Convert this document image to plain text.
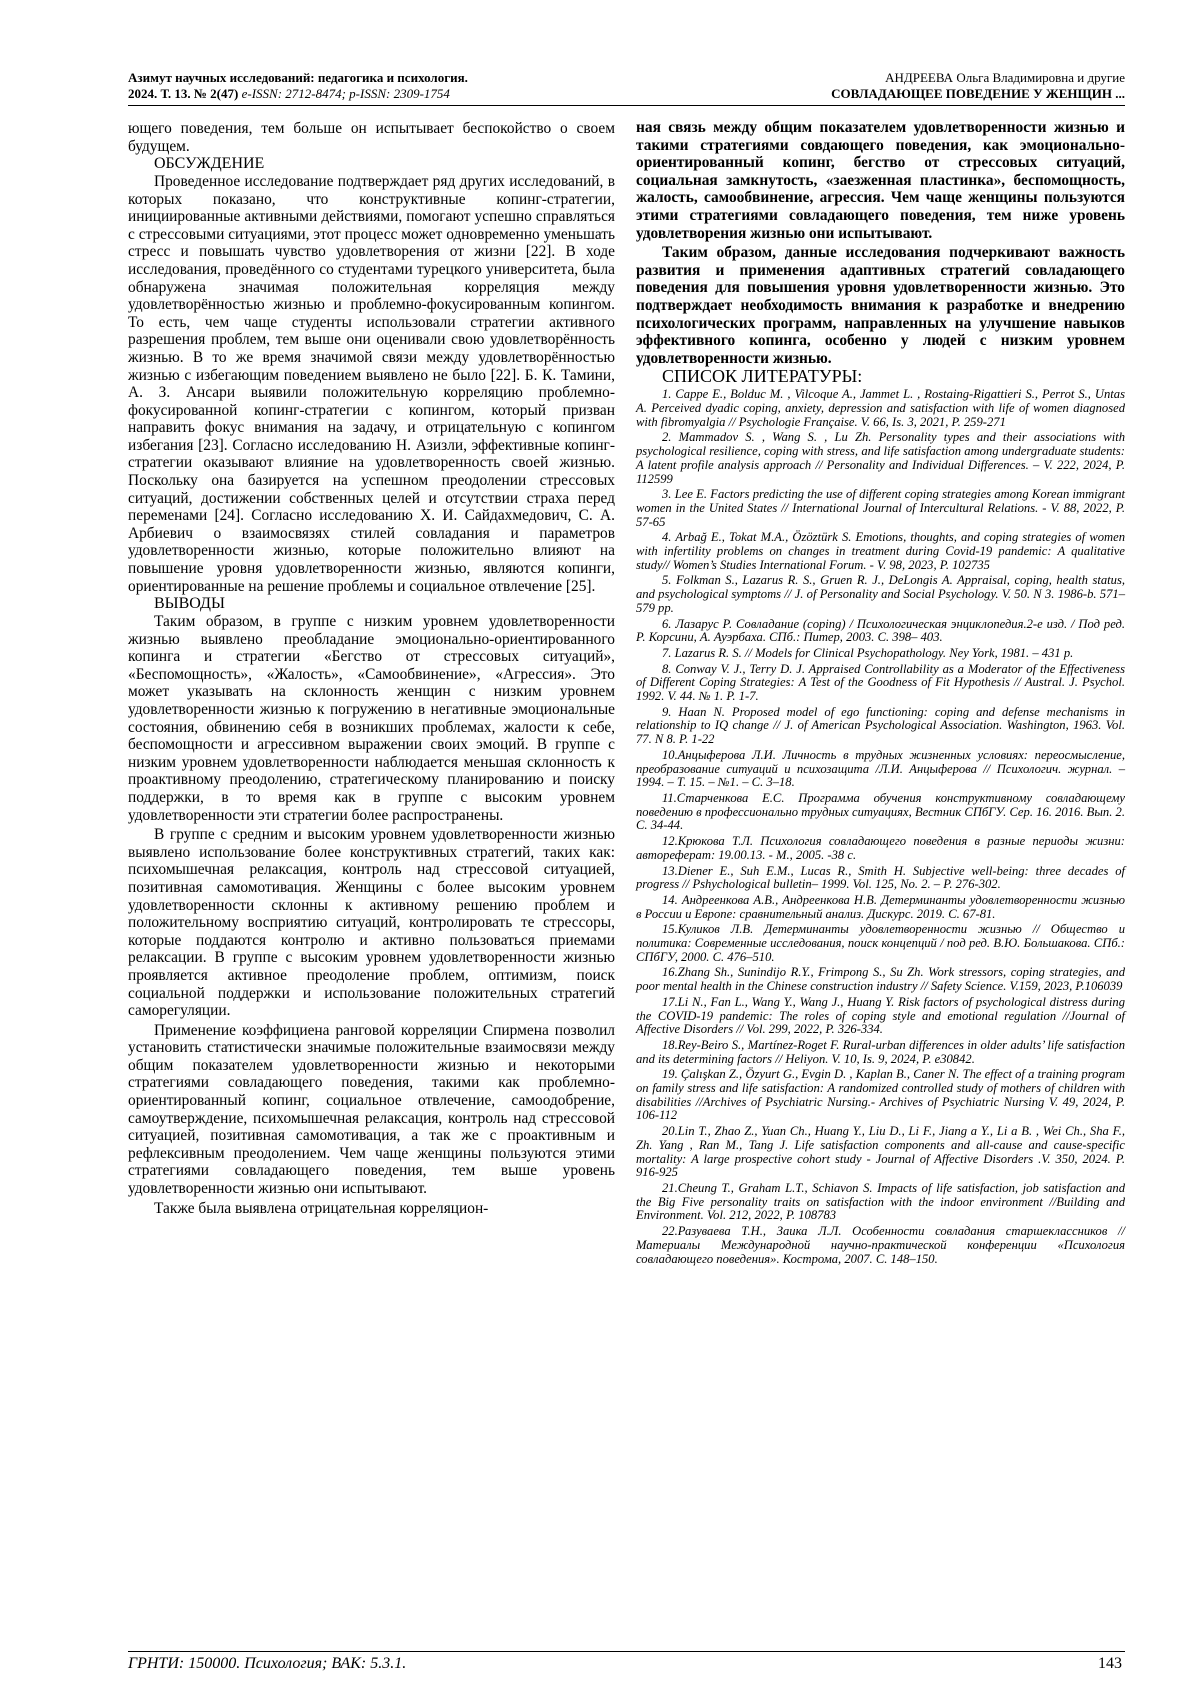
Азимут научных исследований: педагогика и психология.
2024. Т. 13. № 2(47) e-ISSN: 2712-8474; p-ISSN: 2309-1754
АНДРЕЕВА Ольга Владимировна и другие
СОВЛАДАЮЩЕЕ ПОВЕДЕНИЕ У ЖЕНЩИН ...

ющего поведения, тем больше он испытывает беспокойство о своем будущем.

ОБСУЖДЕНИЕ

Проведенное исследование подтверждает ряд других исследований, в которых показано, что конструктивные копинг-стратегии, инициированные активными действиями, помогают успешно справляться с стрессовыми ситуациями, этот процесс может одновременно уменьшать стресс и повышать чувство удовлетворения от жизни [22]. В ходе исследования, проведённого со студентами турецкого университета, была обнаружена значимая положительная корреляция между удовлетворённостью жизнью и проблемно-фокусированным копингом. То есть, чем чаще студенты использовали стратегии активного разрешения проблем, тем выше они оценивали свою удовлетворённость жизнью. В то же время значимой связи между удовлетворённостью жизнью с избегающим поведением выявлено не было [22]. Б. К. Тамини, А. З. Ансари выявили положительную корреляцию проблемно-фокусированной копинг-стратегии с копингом, который призван направить фокус внимания на задачу, и отрицательную с копингом избегания [23]. Согласно исследованию Н. Азизли, эффективные копинг-стратегии оказывают влияние на удовлетворенность своей жизнью. Поскольку она базируется на успешном преодолении стрессовых ситуаций, достижении собственных целей и отсутствии страха перед переменами [24]. Согласно исследованию Х. И. Сайдахмедович, С. А. Арбиевич о взаимосвязях стилей совладания и параметров удовлетворенности жизнью, которые положительно влияют на повышение уровня удовлетворенности жизнью, являются копинги, ориентированные на решение проблемы и социальное отвлечение [25].

ВЫВОДЫ

Таким образом, в группе с низким уровнем удовлетворенности жизнью выявлено преобладание эмоционально-ориентированного копинга и стратегии «Бегство от стрессовых ситуаций», «Беспомощность», «Жалость», «Самообвинение», «Агрессия». Это может указывать на склонность женщин с низким уровнем удовлетворенности жизнью к погружению в негативные эмоциональные состояния, обвинению себя в возникших проблемах, жалости к себе, беспомощности и агрессивном выражении своих эмоций. В группе с низким уровнем удовлетворенности наблюдается меньшая склонность к проактивному преодолению, стратегическому планированию и поиску поддержки, в то время как в группе с высоким уровнем удовлетворенности эти стратегии более распространены.

В группе с средним и высоким уровнем удовлетворенности жизнью выявлено использование более конструктивных стратегий, таких как: психомышечная релаксация, контроль над стрессовой ситуацией, позитивная самомотивация. Женщины с более высоким уровнем удовлетворенности склонны к активному решению проблем и положительному восприятию ситуаций, контролировать те стрессоры, которые поддаются контролю и активно пользоваться приемами релаксации. В группе с высоким уровнем удовлетворенности жизнью проявляется активное преодоление проблем, оптимизм, поиск социальной поддержки и использование положительных стратегий саморегуляции.

Применение коэффициена ранговой корреляции Спирмена позволил установить статистически значимые положительные взаимосвязи между общим показателем удовлетворенности жизнью и некоторыми стратегиями совладающего поведения, такими как проблемно-ориентированный копинг, социальное отвлечение, самоодобрение, самоутверждение, психомышечная релаксация, контроль над стрессовой ситуацией, позитивная самомотивация, а так же с проактивным и рефлексивным преодолением. Чем чаще женщины пользуются этими стратегиями совладающего поведения, тем выше уровень удовлетворенности жизнью они испытывают.

Также была выявлена отрицательная корреляцион-

ная связь между общим показателем удовлетворенности жизнью и такими стратегиями совдающего поведения, как эмоционально-ориентированный копинг, бегство от стрессовых ситуаций, социальная замкнутость, «заезженная пластинка», беспомощность, жалость, самообвинение, агрессия. Чем чаще женщины пользуются этими стратегиями совладающего поведения, тем ниже уровень удовлетворения жизнью они испытывают.

Таким образом, данные исследования подчеркивают важность развития и применения адаптивных стратегий совладающего поведения для повышения уровня удовлетворенности жизнью. Это подтверждает необходимость внимания к разработке и внедрению психологических программ, направленных на улучшение навыков эффективного копинга, особенно у людей с низким уровнем удовлетворенности жизнью.

СПИСОК ЛИТЕРАТУРЫ:
1. Cappe E., Bolduc M. , Vilcoque A., Jammet L. , Rostaing-Rigattieri S., Perrot S., Untas A. Perceived dyadic coping, anxiety, depression and satisfaction with life of women diagnosed with fibromyalgia // Psychologie Française. V. 66, Is. 3, 2021, P. 259-271
2. Mammadov S. , Wang S. , Lu Zh. Personality types and their associations with psychological resilience, coping with stress, and life satisfaction among undergraduate students: A latent profile analysis approach // Personality and Individual Differences. – V. 222, 2024, P. 112599
3. Lee E. Factors predicting the use of different coping strategies among Korean immigrant women in the United States // International Journal of Intercultural Relations. - V. 88, 2022, P. 57-65
4. Arbağ E., Tokat M.A., Özöztürk S. Emotions, thoughts, and coping strategies of women with infertility problems on changes in treatment during Covid-19 pandemic: A qualitative study// Women’s Studies International Forum. - V. 98, 2023, P. 102735
5. Folkman S., Lazarus R. S., Gruen R. J., DeLongis A. Appraisal, coping, health status, and psychological symptoms // J. of Personality and Social Psychology. V. 50. N 3. 1986-b. 571–579 pp.
6. Лазарус Р. Совладание (coping) / Психологическая энциклопедия.2-е изд. / Под ред. Р. Корсини, А. Ауэрбаха. СПб.: Питер, 2003. С. 398– 403.
7. Lazarus R. S. // Models for Clinical Psychopathology. Ney York, 1981. – 431 p.
8. Conway V. J., Terry D. J. Appraised Controllability as a Moderator of the Effectiveness of Different Coping Strategies: A Test of the Goodness of Fit Hypothesis // Austral. J. Psychol. 1992. V. 44. № 1. P. 1-7.
9. Haan N. Proposed model of ego functioning: coping and defense mechanisms in relationship to IQ change // J. of American Psychological Association. Washington, 1963. Vol. 77. N 8. P. 1-22
10.Анцыферова Л.И. Личность в трудных жизненных условиях: переосмысление, преобразование ситуаций и психозащита /Л.И. Анцыферова // Психологич. журнал. – 1994. – Т. 15. – №1. – С. 3–18.
11.Старченкова Е.С. Программа обучения конструктивному совладающему поведению в профессионально трудных ситуациях, Вестник СПбГУ. Сер. 16. 2016. Вып. 2. С. 34-44.
12.Крюкова Т.Л. Психология совладающего поведения в разные периоды жизни: автореферат: 19.00.13. - М., 2005. -38 с.
13.Diener E., Suh E.M., Lucas R., Smith H. Subjective well-being: three decades of progress // Pshychological bulletin– 1999. Vol. 125, No. 2. – P. 276-302.
14. Андреенкова А.В., Андреенкова Н.В. Детерминанты удовлетворенности жизнью в России и Европе: сравнительный анализ. Дискурс. 2019. С. 67-81.
15.Куликов Л.В. Детерминанты удовлетворенности жизнью // Общество и политика: Современные исследования, поиск концепций / под ред. В.Ю. Большакова. СПб.: СПбГУ, 2000. С. 476–510.
16.Zhang Sh., Sunindijo R.Y., Frimpong S., Su Zh. Work stressors, coping strategies, and poor mental health in the Chinese construction industry // Safety Science. V.159, 2023, P.106039
17.Li N., Fan L., Wang Y., Wang J., Huang Y. Risk factors of psychological distress during the COVID-19 pandemic: The roles of coping style and emotional regulation //Journal of Affective Disorders // Vol. 299, 2022, P. 326-334.
18.Rey-Beiro S., Martínez-Roget F. Rural-urban differences in older adults’ life satisfaction and its determining factors // Heliyon. V. 10, Is. 9, 2024, P. e30842.
19. Çalışkan Z., Özyurt G., Evgin D. , Kaplan B., Caner N. The effect of a training program on family stress and life satisfaction: A randomized controlled study of mothers of children with disabilities //Archives of Psychiatric Nursing.- Archives of Psychiatric Nursing V. 49, 2024, P. 106-112
20.Lin T., Zhao Z., Yuan Ch., Huang Y., Liu D., Li F., Jiang a Y., Li a B. , Wei Ch., Sha F., Zh. Yang , Ran M., Tang J. Life satisfaction components and all-cause and cause-specific mortality: A large prospective cohort study - Journal of Affective Disorders .V. 350, 2024. P. 916-925
21.Cheung T., Graham L.T., Schiavon S. Impacts of life satisfaction, job satisfaction and the Big Five personality traits on satisfaction with the indoor environment //Building and Environment. Vol. 212, 2022, P. 108783
22.Разуваева Т.Н., Заика Л.Л. Особенности совладания старшеклассников // Материалы Международной научно-практической конференции «Психология совладающего поведения». Кострома, 2007. С. 148–150.
ГРНТИ: 150000. Психология; ВАК: 5.3.1.	143
